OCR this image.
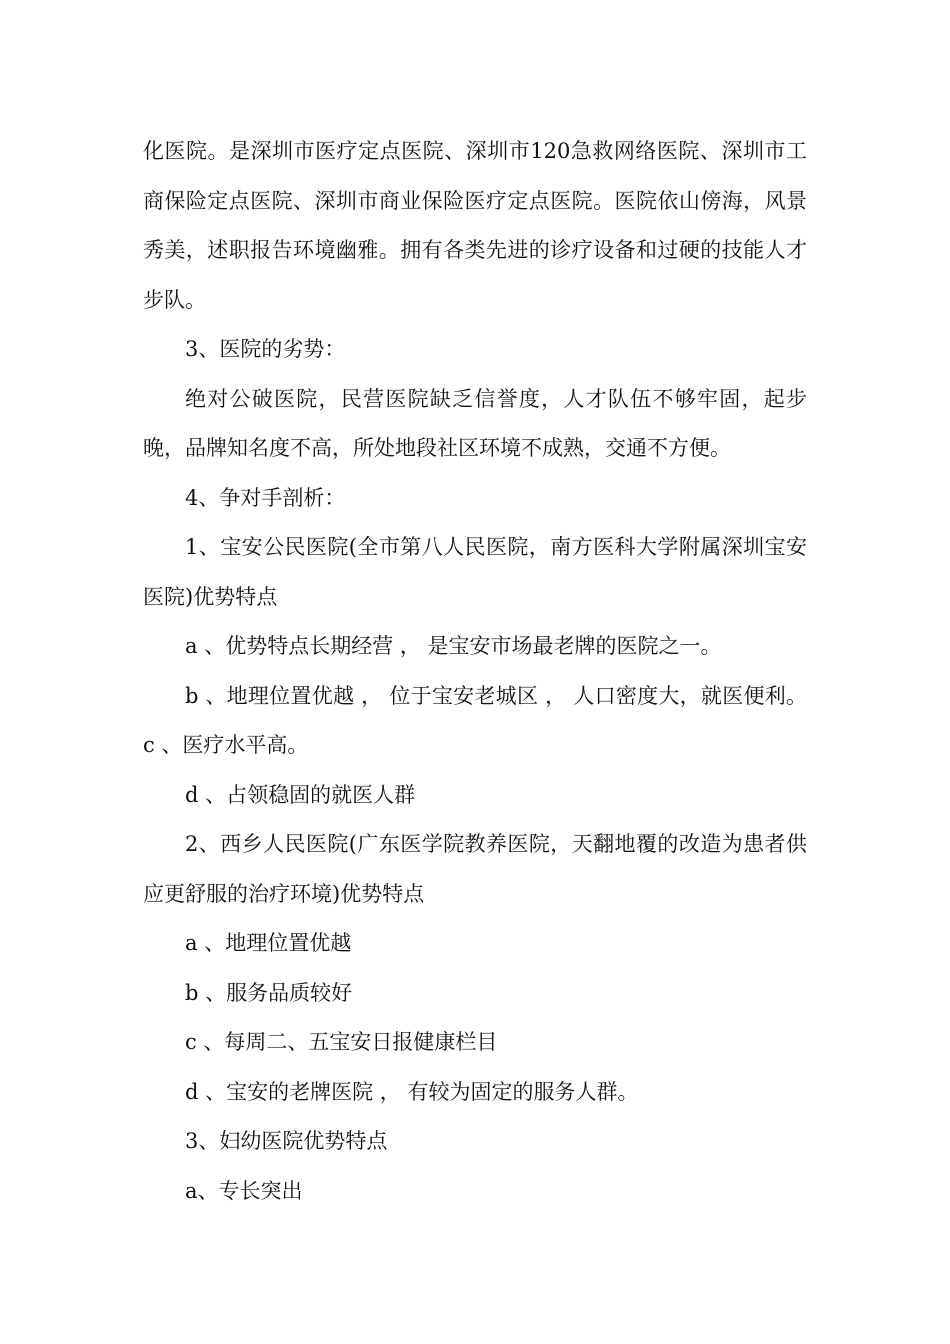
化医院。是深圳市医疗定点医院、深圳市120急救网络医院、深圳市工商保险定点医院、深圳市商业保险医疗定点医院。医院依山傍海，风景秀美，述职报告环境幽雅。拥有各类先进的诊疗设备和过硬的技能人才步队。

3、医院的劣势：

绝对公破医院，民营医院缺乏信誉度，人才队伍不够牢固，起步晚，品牌知名度不高，所处地段社区环境不成熟，交通不方便。

4、争对手剖析：

1、宝安公民医院(全市第八人民医院，南方医科大学附属深圳宝安医院)优势特点

a 、优势特点长期经营 ， 是宝安市场最老牌的医院之一。

b 、地理位置优越 ， 位于宝安老城区 ， 人口密度大，就医便利。 c 、医疗水平高。

d 、占领稳固的就医人群

2、西乡人民医院(广东医学院教养医院，天翻地覆的改造为患者供应更舒服的治疗环境)优势特点

a 、地理位置优越

b 、服务品质较好

c 、每周二、五宝安日报健康栏目

d 、宝安的老牌医院 ， 有较为固定的服务人群。

3、妇幼医院优势特点

a、专长突出
